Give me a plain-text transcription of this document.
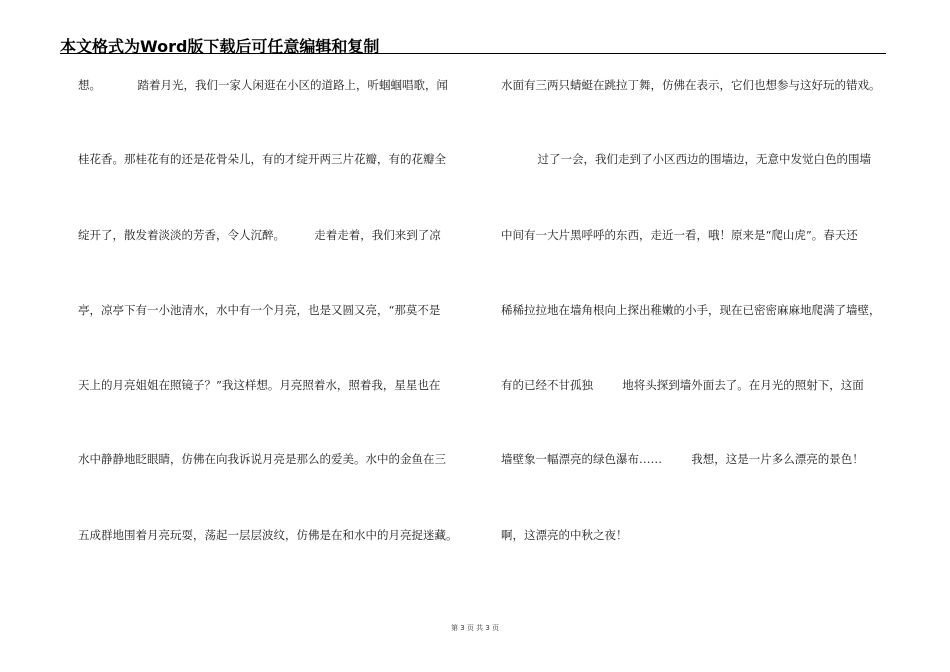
本文格式为Word版下载后可任意编辑和复制
想。          踏着月光，我们一家人闲逛在小区的道路上，听蝈蝈唱歌，闻
桂花香。那桂花有的还是花骨朵儿，有的才绽开两三片花瓣，有的花瓣全
绽开了，散发着淡淡的芳香，令人沉醉。        走着走着，我们来到了凉
亭，凉亭下有一小池清水，水中有一个月亮，也是又圆又亮，“那莫不是
天上的月亮姐姐在照镜子？”我这样想。月亮照着水，照着我，星星也在
水中静静地眨眼睛，仿佛在向我诉说月亮是那么的爱美。水中的金鱼在三
五成群地围着月亮玩耍，荡起一层层波纹，仿佛是在和水中的月亮捉迷藏。
水面有三两只蜻蜓在跳拉丁舞，仿佛在表示，它们也想参与这好玩的错戏。
过了一会，我们走到了小区西边的围墙边，无意中发觉白色的围墙
中间有一大片黑呼呼的东西，走近一看，哦！原来是“爬山虎”。春天还
稀稀拉拉地在墙角根向上探出稚嫩的小手，现在已密密麻麻地爬满了墙壁，
有的已经不甘孤独        地将头探到墙外面去了。在月光的照射下，这面
墙壁象一幅漂亮的绿色瀑布……        我想，这是一片多么漂亮的景色！
啊，这漂亮的中秋之夜！
第 3 页 共 3 页
